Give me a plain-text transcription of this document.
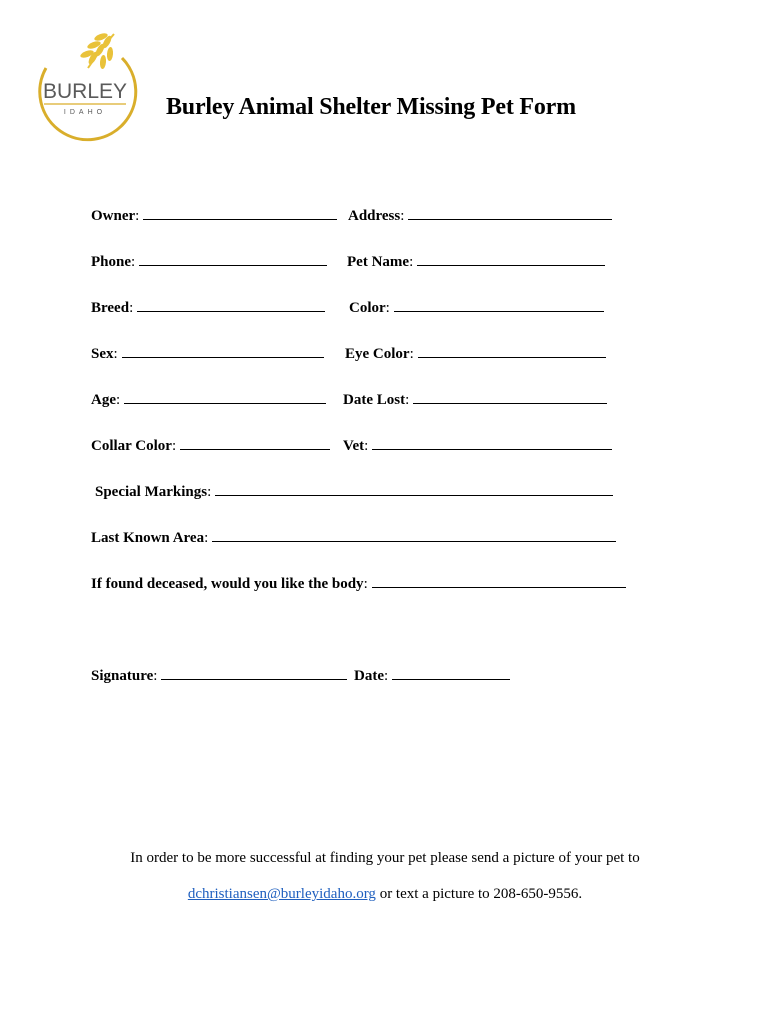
BURLEY
IDAHO Burley Animal Shelter Missing Pet Form
Owner:	Address:
Phone:	Pet Name:
Breed:	Color:
Sex:	Eye Color:
Age:	Date Lost:
Collar Color:	Vet:
Special Markings:
Last Known Area:
If found deceased, would you like the body:
Signature:	Date:
In order to be more successful at finding your pet please send a picture of your pet to
dchristiansen@burleyidaho.org or text a picture to 208-650-9556.
